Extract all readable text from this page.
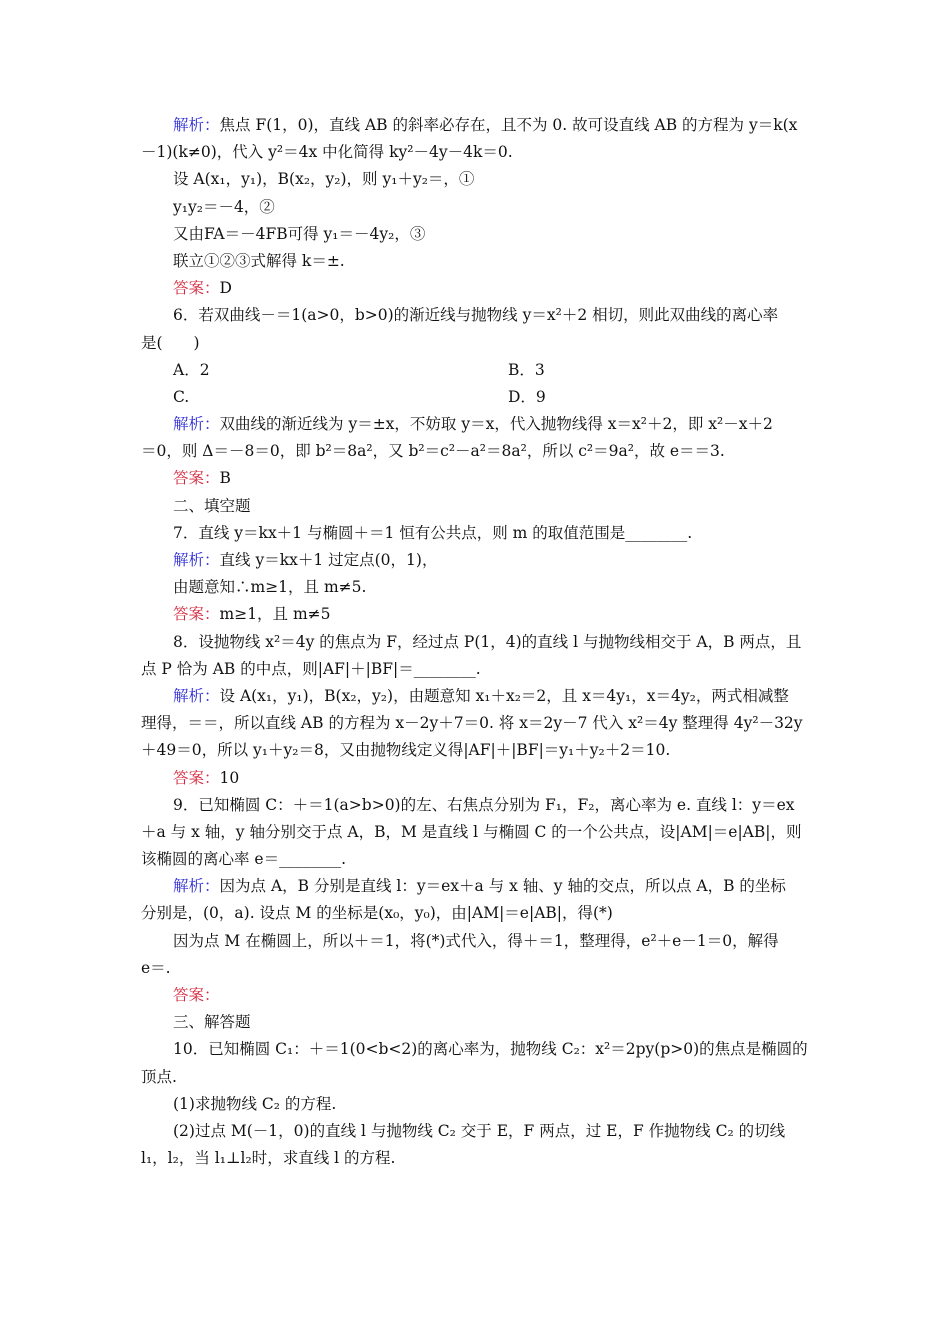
解析：焦点 F(1，0)，直线 AB 的斜率必存在，且不为 0. 故可设直线 AB 的方程为 y＝k(x
－1)(k≠0)，代入 y²＝4x 中化简得 ky²－4y－4k＝0.
设 A(x₁，y₁)，B(x₂，y₂)，则 y₁＋y₂＝，①
y₁y₂＝－4，②
又由FA＝－4FB可得 y₁＝－4y₂，③
联立①②③式解得 k＝±.
答案：D
6．若双曲线－＝1(a>0，b>0)的渐近线与抛物线 y＝x²＋2 相切，则此双曲线的离心率
是(　　)
A．2	B．3
C.	D．9
解析：双曲线的渐近线为 y＝±x，不妨取 y＝x，代入抛物线得 x＝x²＋2，即 x²－x＋2
＝0，则 Δ＝－8＝0，即 b²＝8a²，又 b²＝c²－a²＝8a²，所以 c²＝9a²，故 e＝＝3.
答案：B
二、填空题
7．直线 y＝kx＋1 与椭圆＋＝1 恒有公共点，则 m 的取值范围是________.
解析：直线 y＝kx＋1 过定点(0，1)，
由题意知∴m≥1，且 m≠5.
答案：m≥1，且 m≠5
8．设抛物线 x²＝4y 的焦点为 F，经过点 P(1，4)的直线 l 与抛物线相交于 A，B 两点，且
点 P 恰为 AB 的中点，则|AF|＋|BF|＝________.
解析：设 A(x₁，y₁)，B(x₂，y₂)，由题意知 x₁＋x₂＝2，且 x＝4y₁，x＝4y₂，两式相减整
理得，＝＝，所以直线 AB 的方程为 x－2y＋7＝0. 将 x＝2y－7 代入 x²＝4y 整理得 4y²－32y
＋49＝0，所以 y₁＋y₂＝8，又由抛物线定义得|AF|＋|BF|＝y₁＋y₂＋2＝10.
答案：10
9．已知椭圆 C：＋＝1(a>b>0)的左、右焦点分别为 F₁，F₂，离心率为 e. 直线 l：y＝ex
＋a 与 x 轴，y 轴分别交于点 A，B，M 是直线 l 与椭圆 C 的一个公共点，设|AM|＝e|AB|，则
该椭圆的离心率 e＝________.
解析：因为点 A，B 分别是直线 l：y＝ex＋a 与 x 轴、y 轴的交点，所以点 A，B 的坐标
分别是，(0，a). 设点 M 的坐标是(x₀，y₀)，由|AM|＝e|AB|，得(*)
因为点 M 在椭圆上，所以＋＝1，将(*)式代入，得＋＝1，整理得，e²＋e－1＝0，解得
e＝.
答案：
三、解答题
10．已知椭圆 C₁：＋＝1(0<b<2)的离心率为，抛物线 C₂：x²＝2py(p>0)的焦点是椭圆的
顶点.
(1)求抛物线 C₂ 的方程.
(2)过点 M(－1，0)的直线 l 与抛物线 C₂ 交于 E，F 两点，过 E，F 作抛物线 C₂ 的切线
l₁，l₂，当 l₁⊥l₂时，求直线 l 的方程.
